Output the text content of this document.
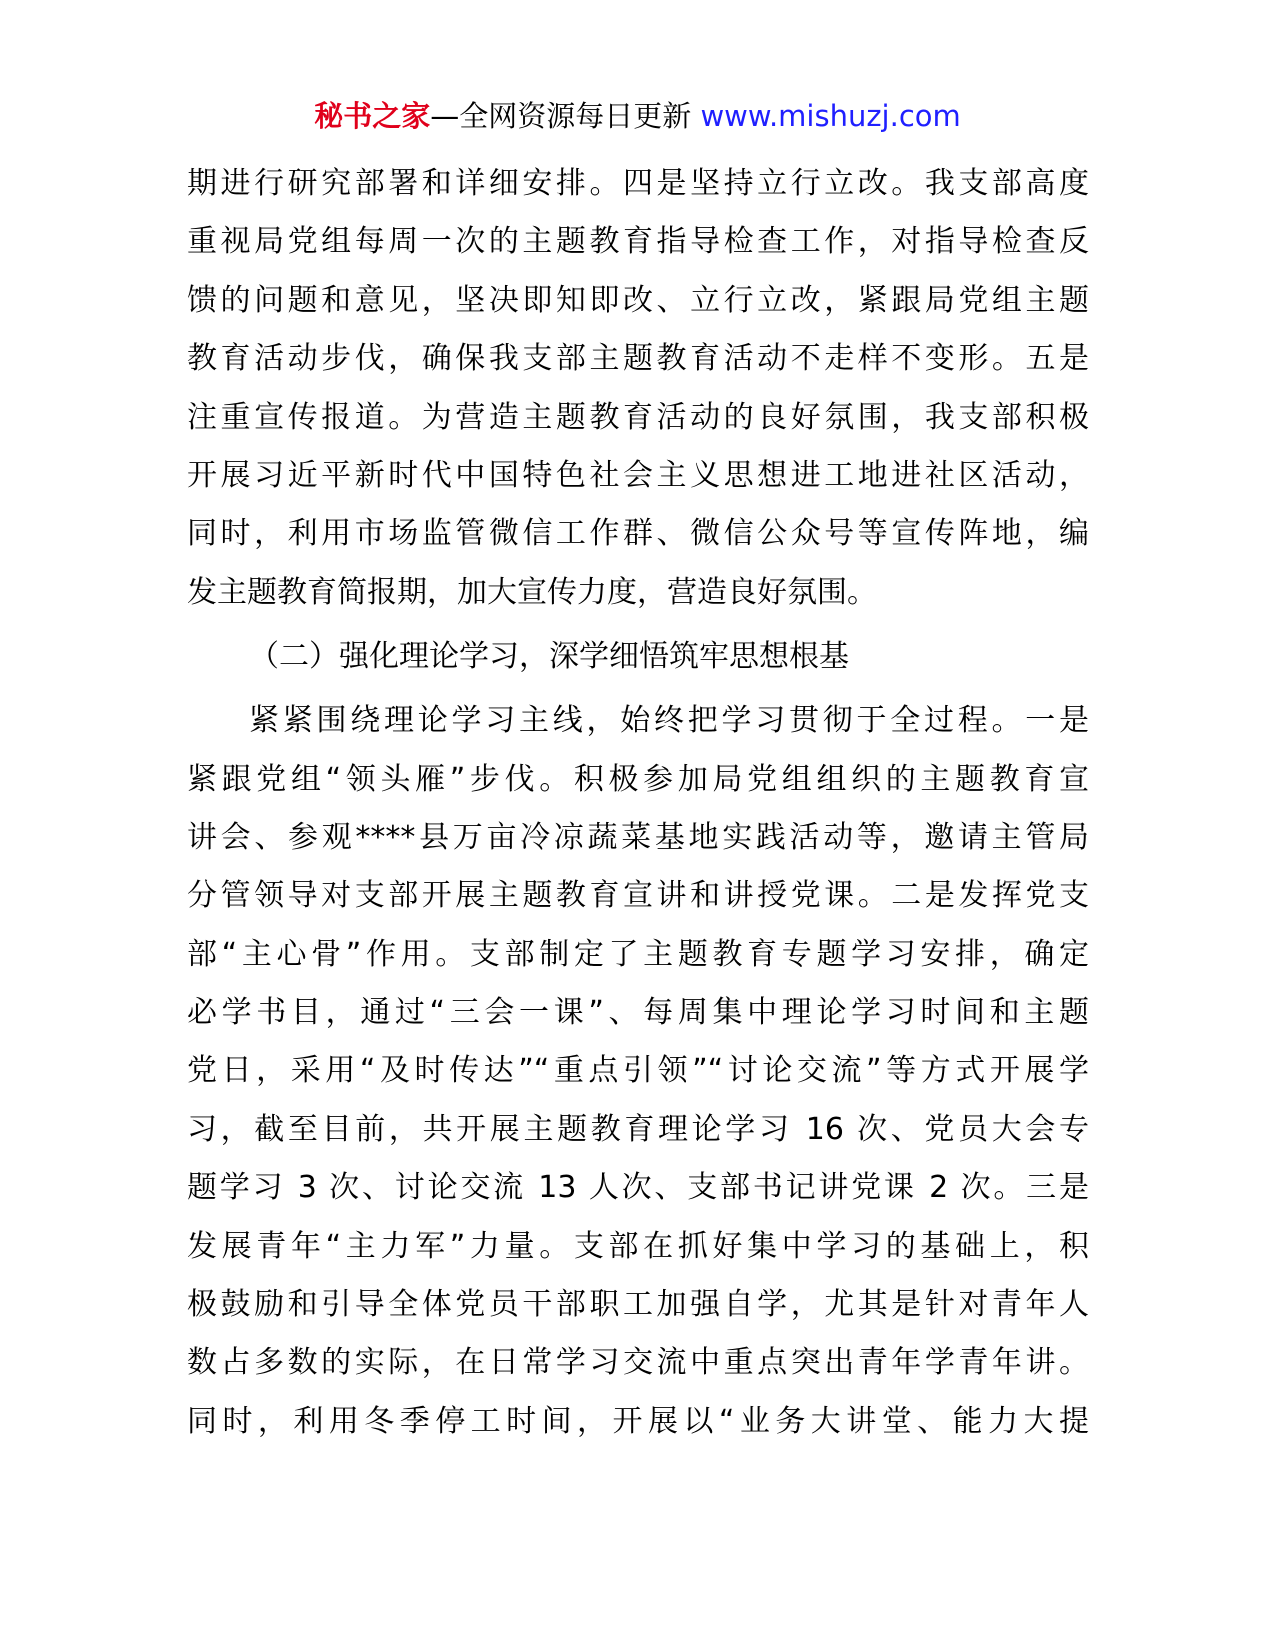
秘书之家—全网资源每日更新 www.mishuzj.com
期进行研究部署和详细安排。四是坚持立行立改。我支部高度
重视局党组每周一次的主题教育指导检查工作，对指导检查反
馈的问题和意见，坚决即知即改、立行立改，紧跟局党组主题
教育活动步伐，确保我支部主题教育活动不走样不变形。五是
注重宣传报道。为营造主题教育活动的良好氛围，我支部积极
开展习近平新时代中国特色社会主义思想进工地进社区活动，
同时，利用市场监管微信工作群、微信公众号等宣传阵地，编
发主题教育简报期，加大宣传力度，营造良好氛围。
（二）强化理论学习，深学细悟筑牢思想根基
紧紧围绕理论学习主线，始终把学习贯彻于全过程。一是
紧跟党组“领头雁”步伐。积极参加局党组组织的主题教育宣
讲会、参观****县万亩冷凉蔬菜基地实践活动等，邀请主管局
分管领导对支部开展主题教育宣讲和讲授党课。二是发挥党支
部“主心骨”作用。支部制定了主题教育专题学习安排，确定
必学书目，通过“三会一课”、每周集中理论学习时间和主题
党日，采用“及时传达”“重点引领”“讨论交流”等方式开展学
习，截至目前，共开展主题教育理论学习 16 次、党员大会专
题学习 3 次、讨论交流 13 人次、支部书记讲党课 2 次。三是
发展青年“主力军”力量。支部在抓好集中学习的基础上，积
极鼓励和引导全体党员干部职工加强自学，尤其是针对青年人
数占多数的实际，在日常学习交流中重点突出青年学青年讲。
同时，利用冬季停工时间，开展以“业务大讲堂、能力大提
